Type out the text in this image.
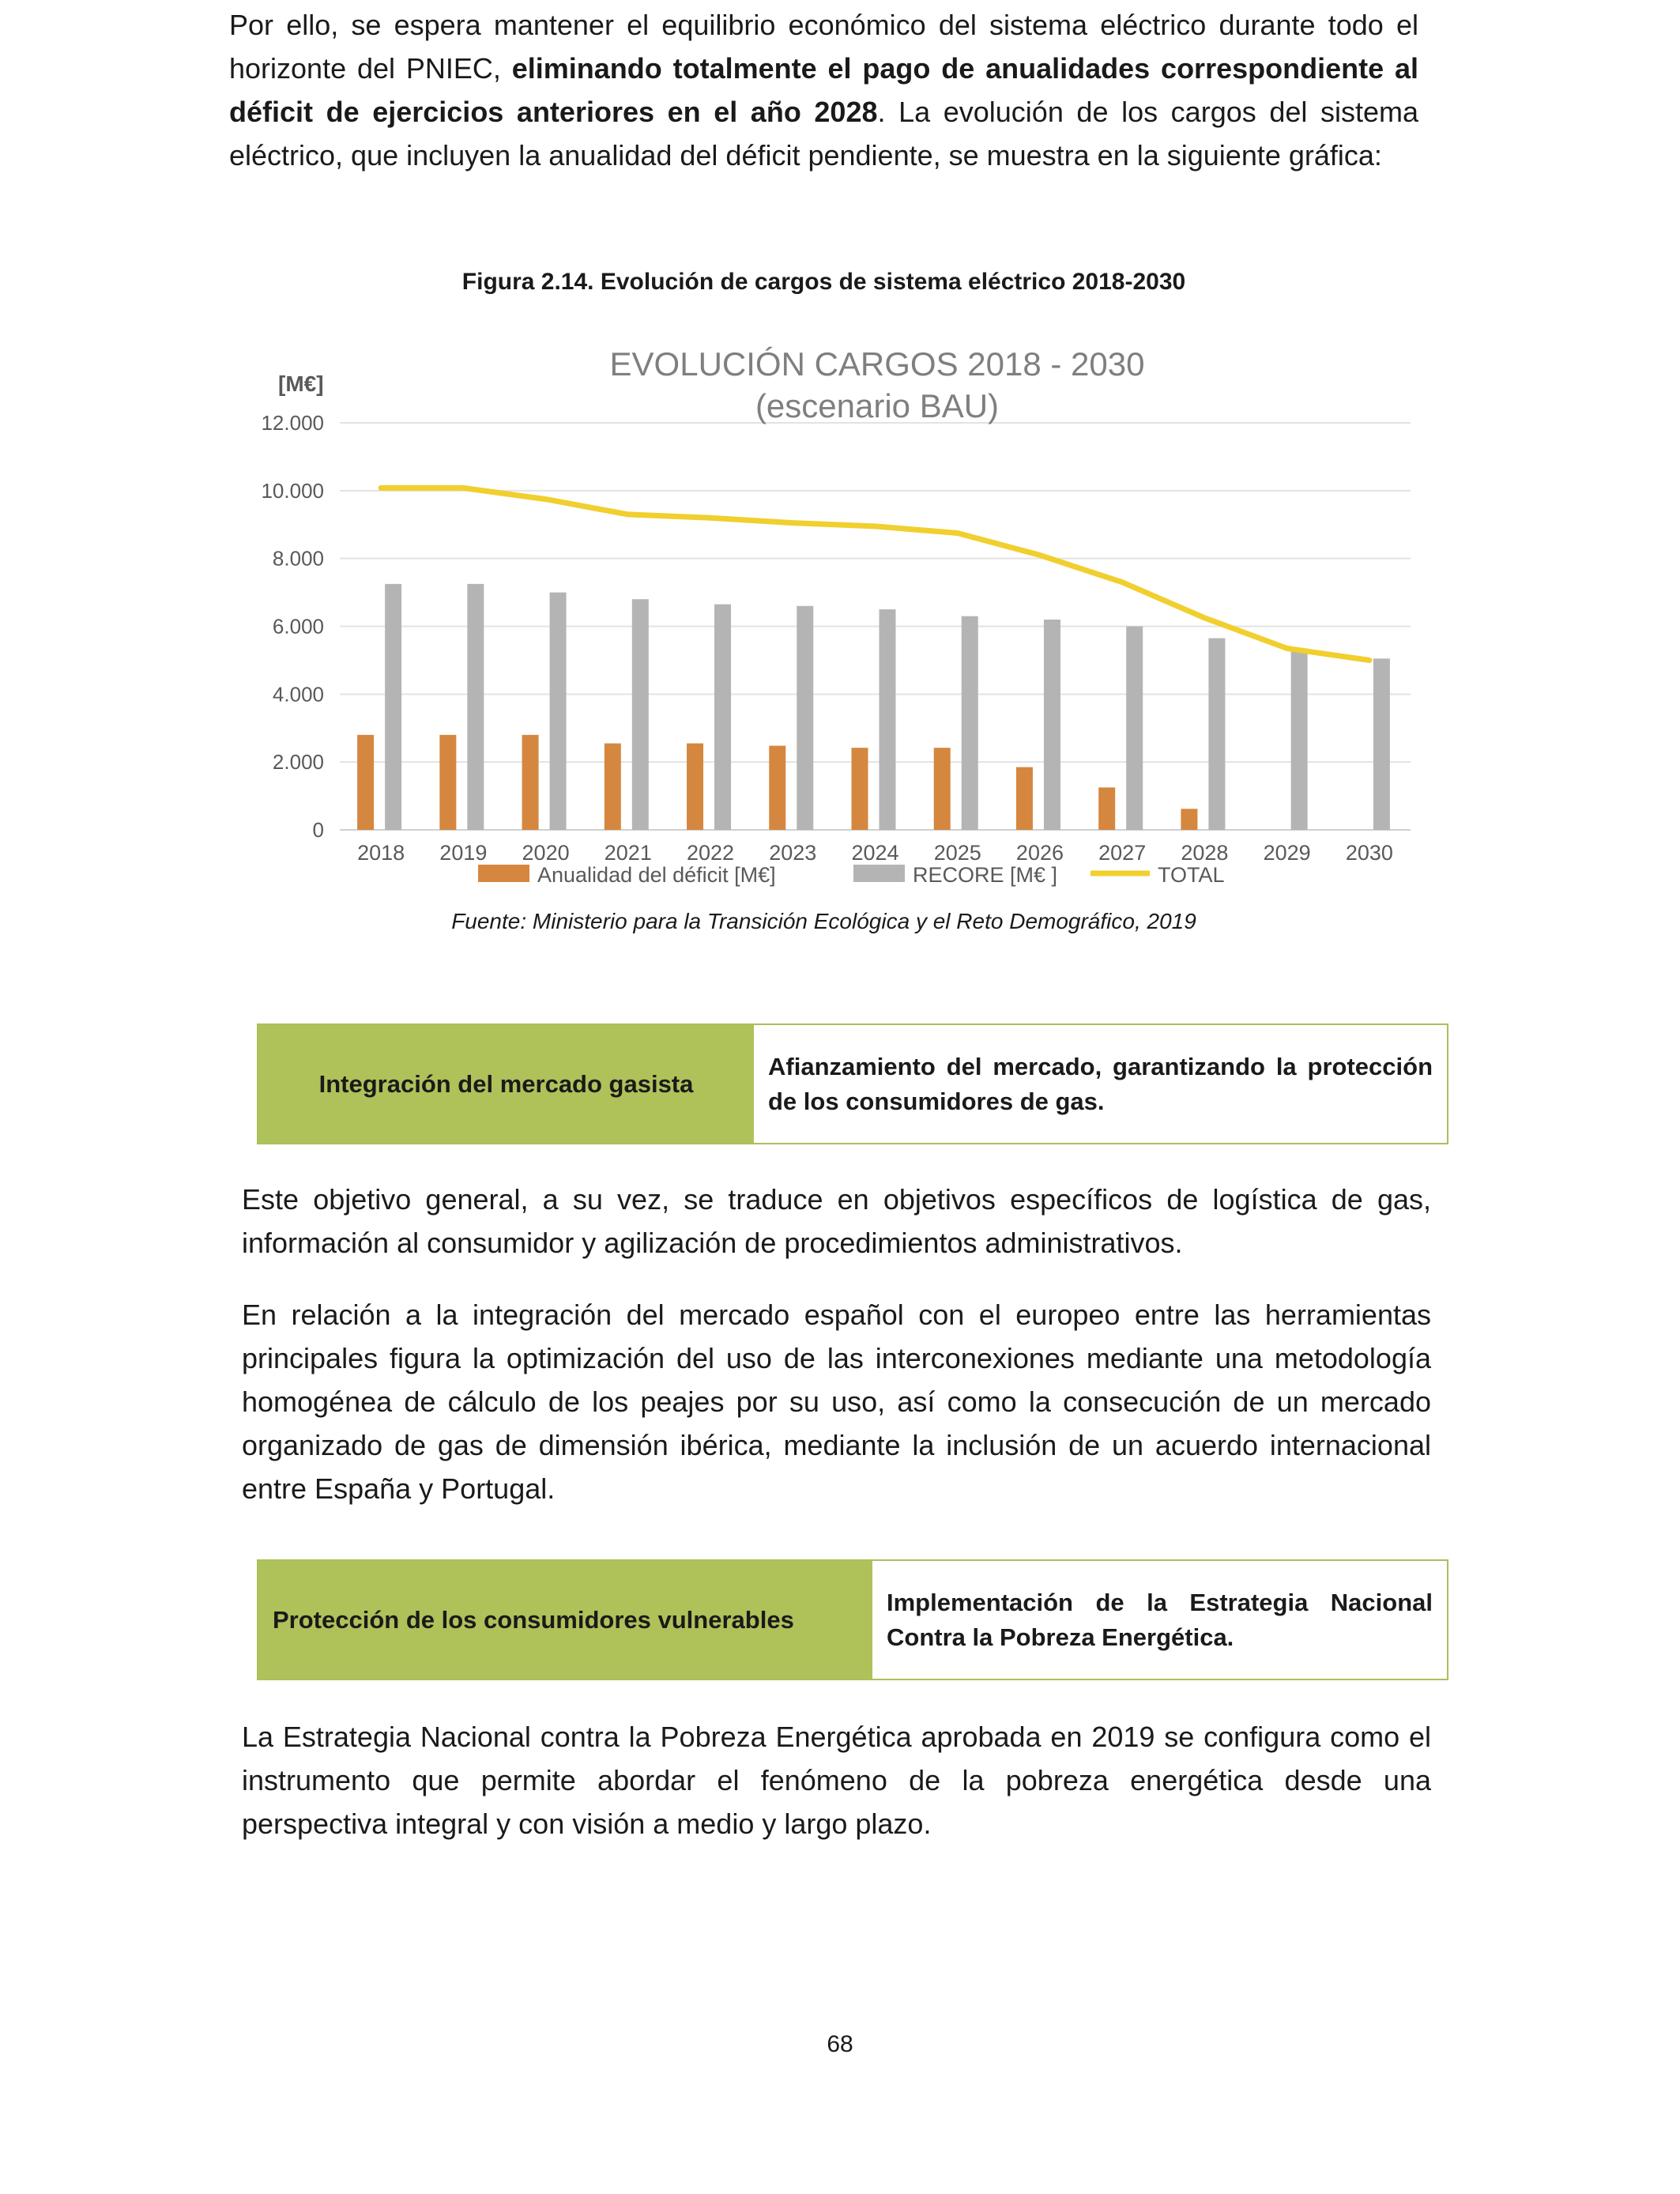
Por ello, se espera mantener el equilibrio económico del sistema eléctrico durante todo el horizonte del PNIEC, eliminando totalmente el pago de anualidades correspondiente al déficit de ejercicios anteriores en el año 2028. La evolución de los cargos del sistema eléctrico, que incluyen la anualidad del déficit pendiente, se muestra en la siguiente gráfica:

Figura 2.14. Evolución de cargos de sistema eléctrico 2018-2030
0
2.000
4.000
6.000
8.000
10.000
12.000
2018 2019 2020 2021 2022 2023 2024 2025 2026 2027 2028 2029 2030
EVOLUCIÓN CARGOS 2018 - 2030
(escenario BAU)
[M€]
Anualidad del déficit [M€]	RECORE [M€ ]	TOTAL
Fuente: Ministerio para la Transición Ecológica y el Reto Demográfico, 2019
Integración del mercado gasista
Afianzamiento del mercado, garantizando la protección de los consumidores de gas.

Este objetivo general, a su vez, se traduce en objetivos específicos de logística de gas, información al consumidor y agilización de procedimientos administrativos.

En relación a la integración del mercado español con el europeo entre las herramientas principales figura la optimización del uso de las interconexiones mediante una metodología homogénea de cálculo de los peajes por su uso, así como la consecución de un mercado organizado de gas de dimensión ibérica, mediante la inclusión de un acuerdo internacional entre España y Portugal.

Protección de los consumidores vulnerables
Implementación de la Estrategia Nacional Contra la Pobreza Energética.

La Estrategia Nacional contra la Pobreza Energética aprobada en 2019 se configura como el instrumento que permite abordar el fenómeno de la pobreza energética desde una perspectiva integral y con visión a medio y largo plazo.

68
